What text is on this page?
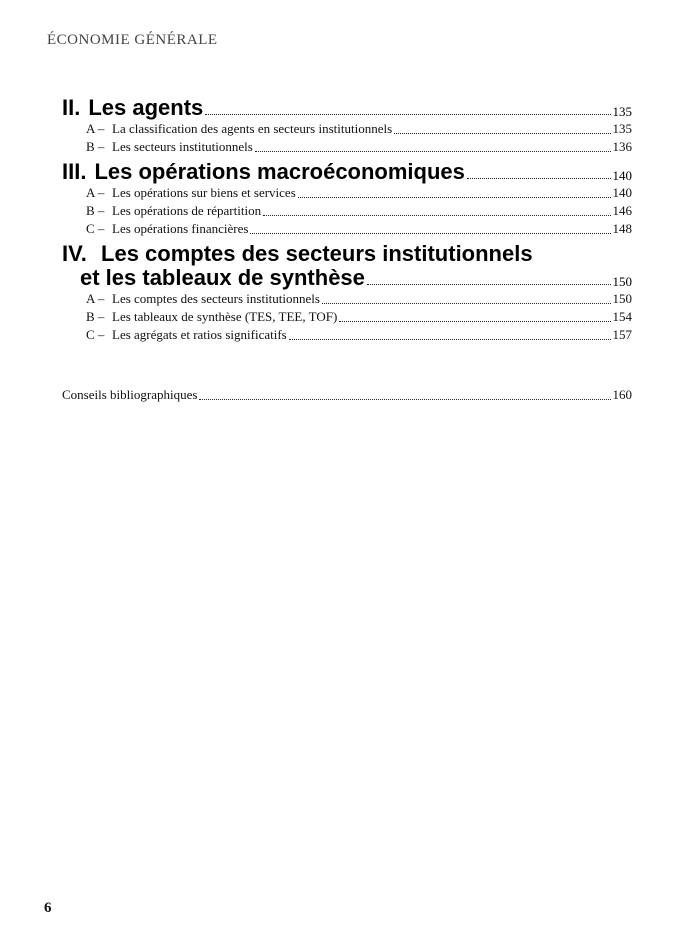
ÉCONOMIE GÉNÉRALE
II. Les agents	135
A – La classification des agents en secteurs institutionnels	135
B – Les secteurs institutionnels	136
III. Les opérations macroéconomiques	140
A – Les opérations sur biens et services	140
B – Les opérations de répartition	146
C – Les opérations financières	148
IV. Les comptes des secteurs institutionnels
et les tableaux de synthèse	150
A – Les comptes des secteurs institutionnels	150
B – Les tableaux de synthèse (TES, TEE, TOF)	154
C – Les agrégats et ratios significatifs	157
Conseils bibliographiques	160
6
